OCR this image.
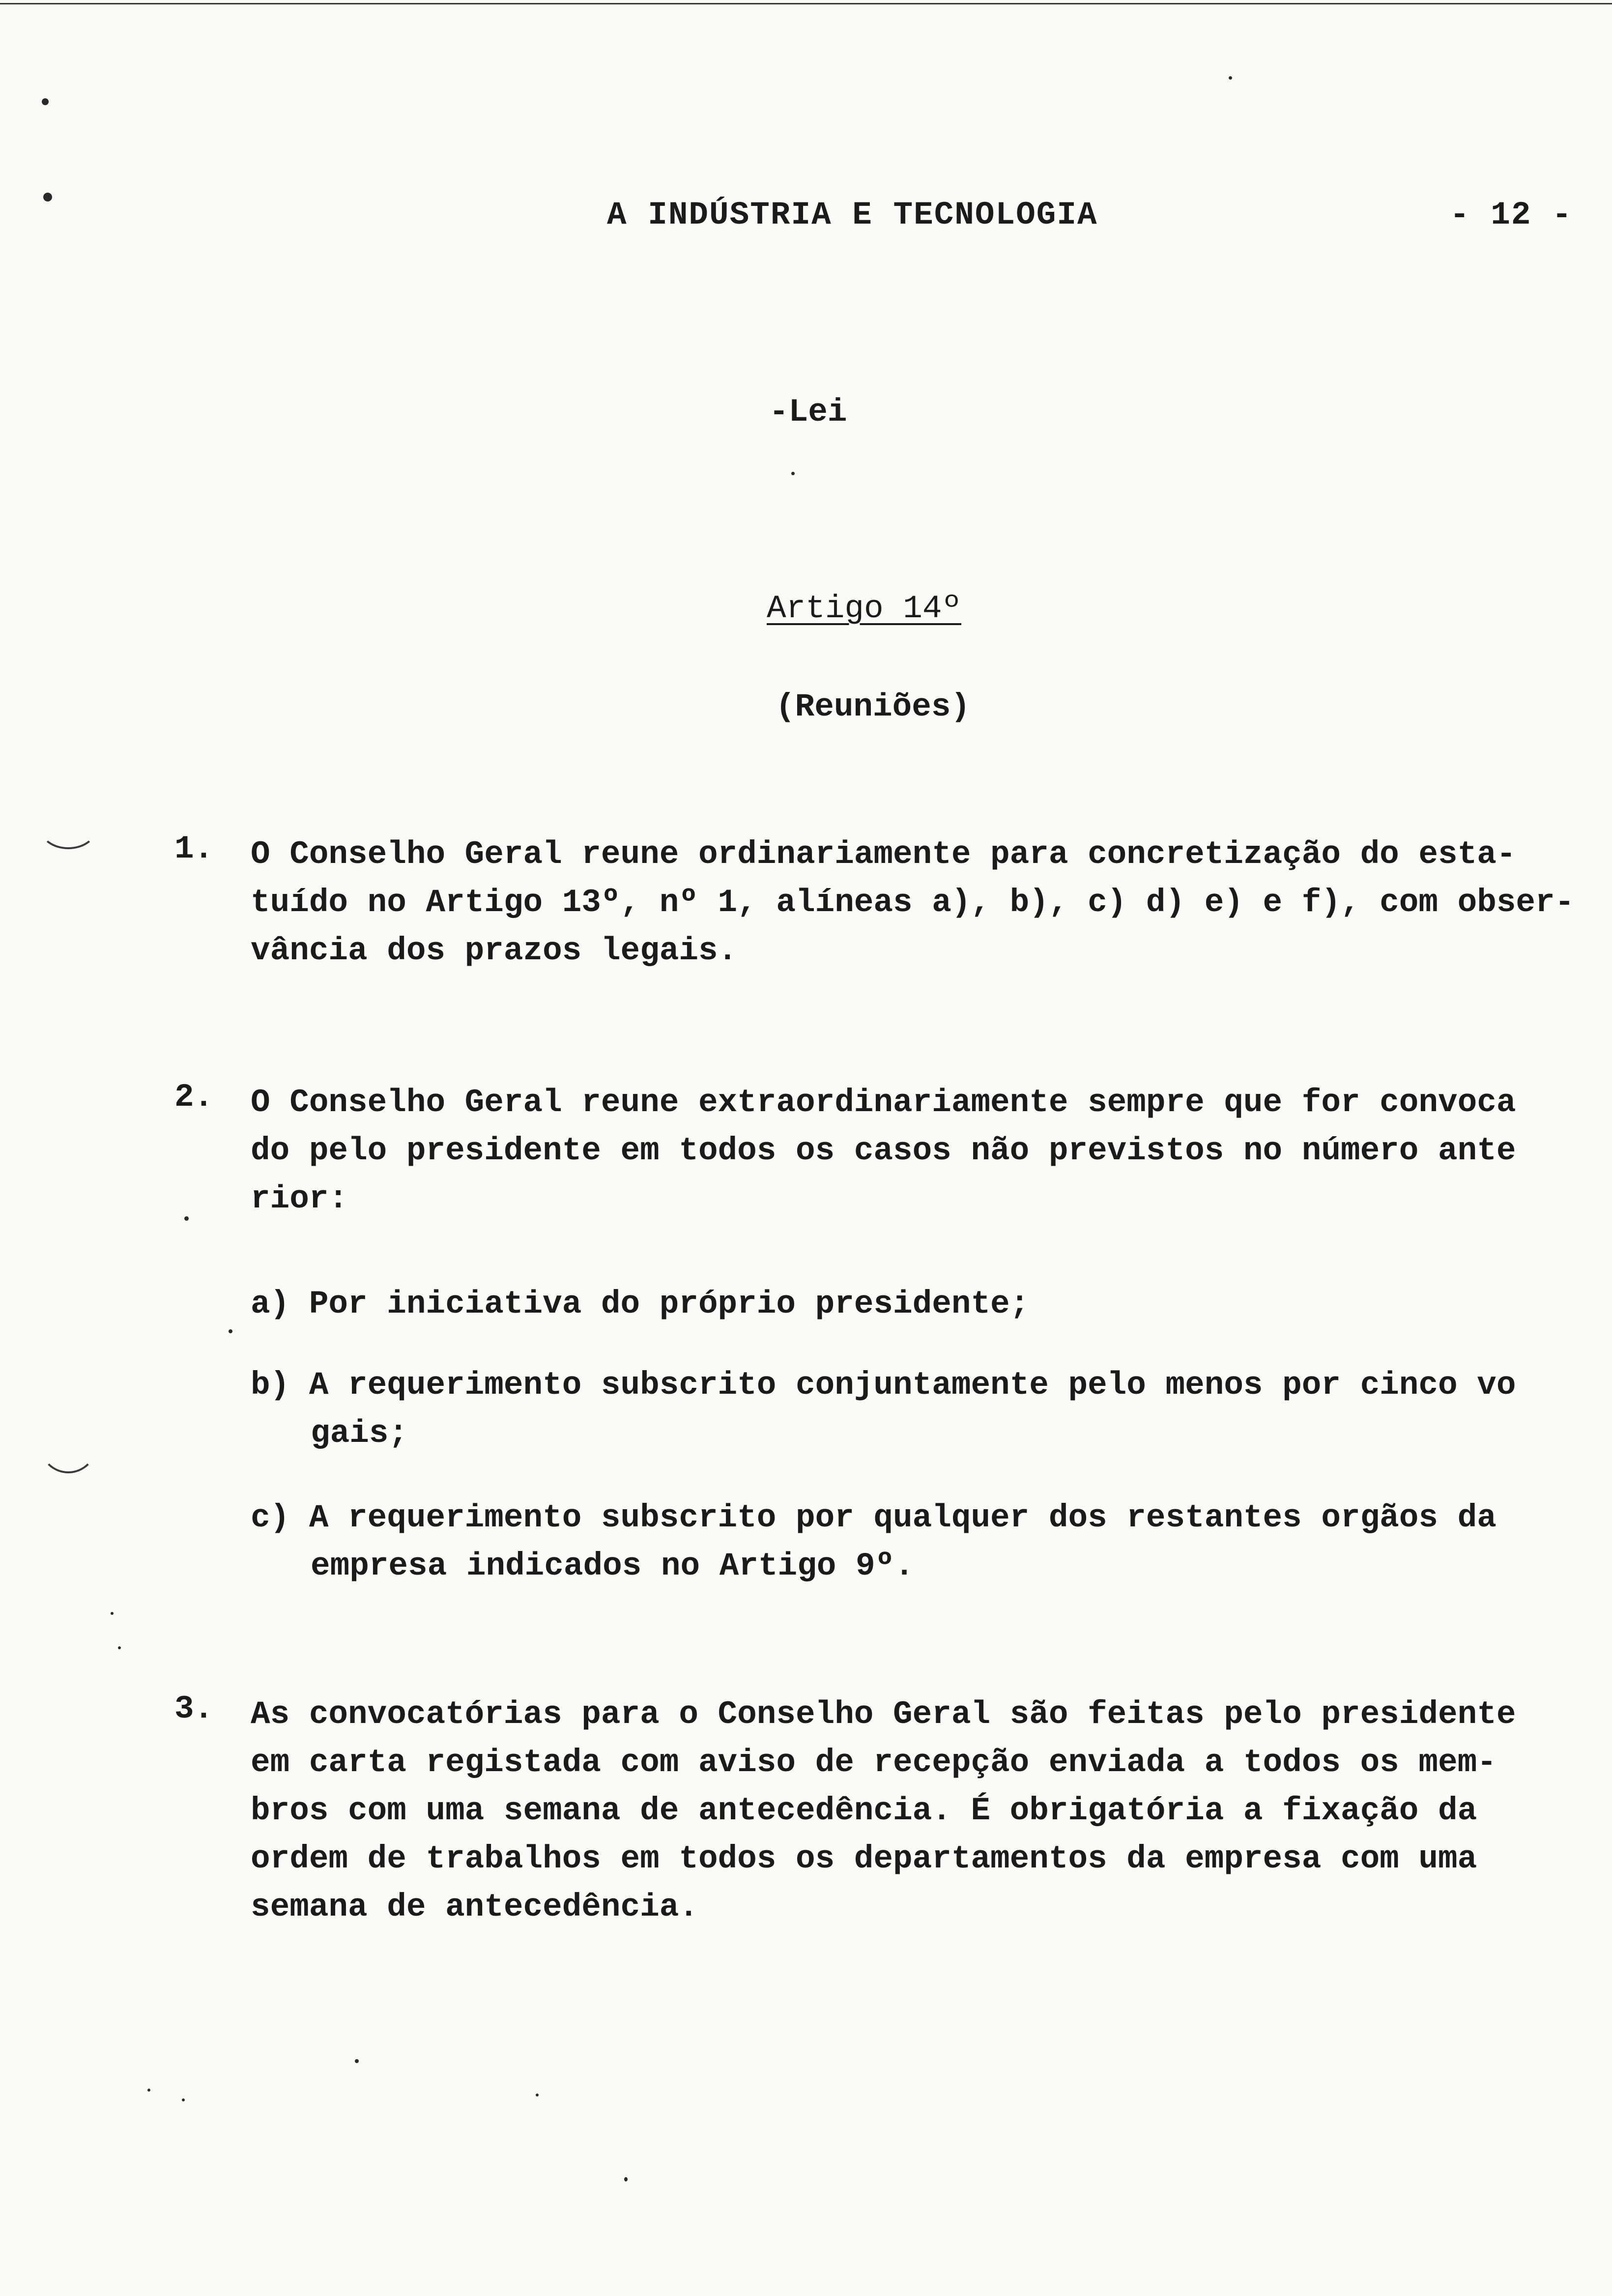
A INDÚSTRIA E TECNOLOGIA	- 12 -
-Lei
Artigo 14º
(Reuniões)
1. O Conselho Geral reune ordinariamente para concretização do esta-
tuído no Artigo 13º, nº 1, alíneas a), b), c) d) e) e f), com obser-
vância dos prazos legais.
2. O Conselho Geral reune extraordinariamente sempre que for convoca
do pelo presidente em todos os casos não previstos no número ante
rior:
a) Por iniciativa do próprio presidente;
b) A requerimento subscrito conjuntamente pelo menos por cinco vo
gais;
c) A requerimento subscrito por qualquer dos restantes orgãos da
empresa indicados no Artigo 9º.
3. As convocatórias para o Conselho Geral são feitas pelo presidente
em carta registada com aviso de recepção enviada a todos os mem-
bros com uma semana de antecedência. É obrigatória a fixação da
ordem de trabalhos em todos os departamentos da empresa com uma
semana de antecedência.
